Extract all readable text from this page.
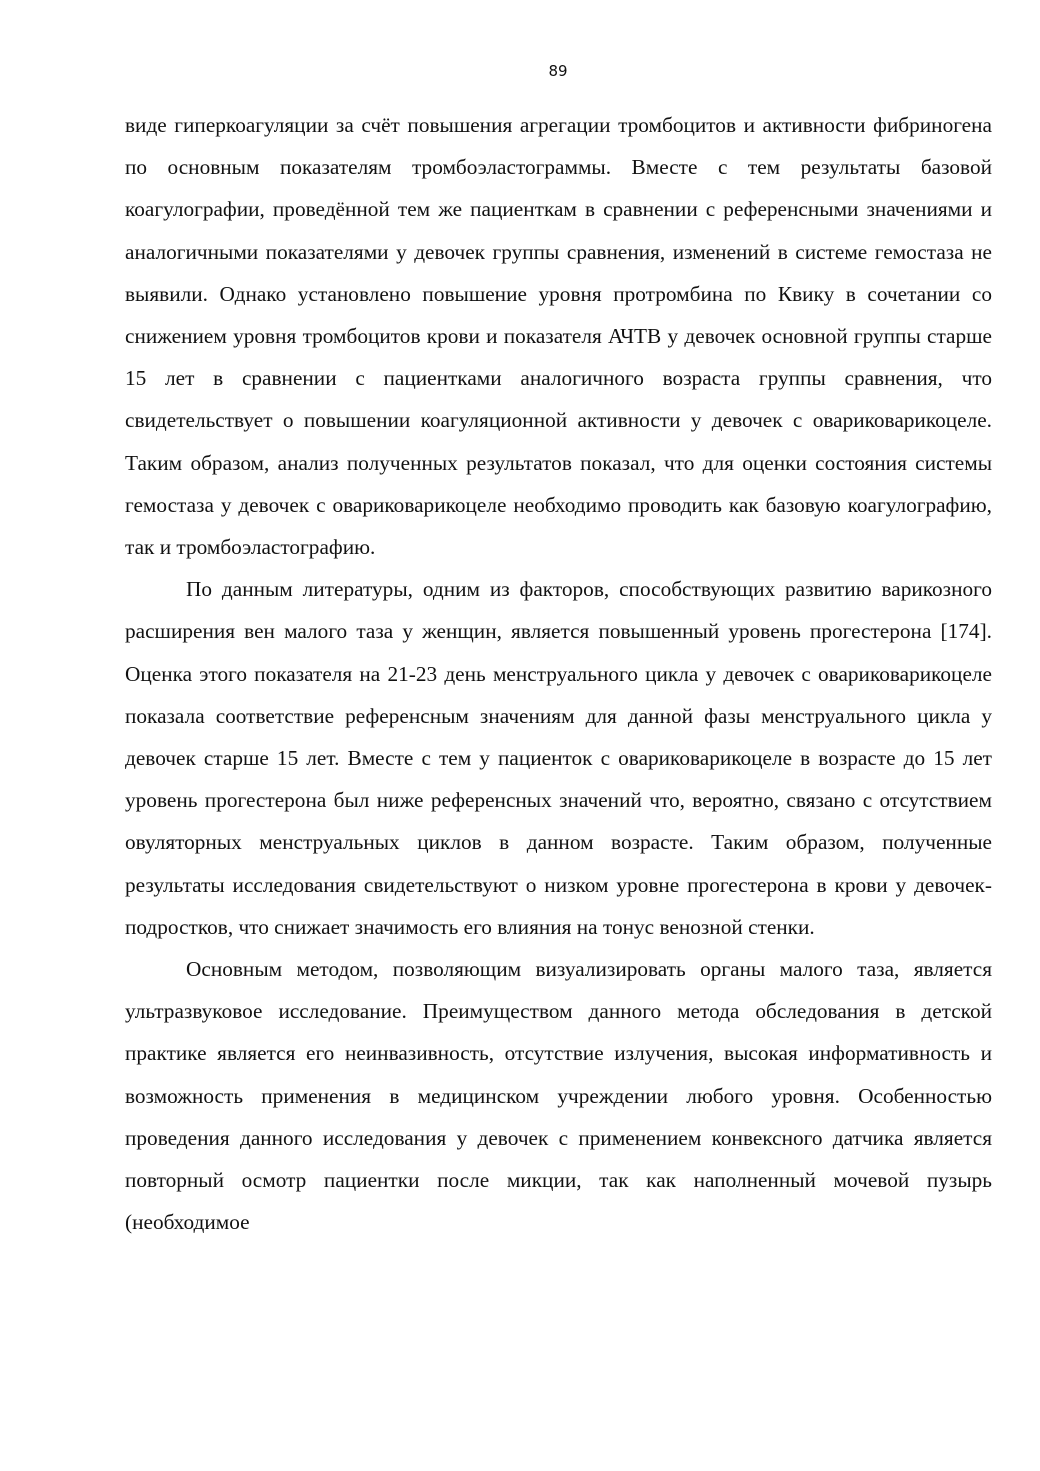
89

виде гиперкоагуляции за счёт повышения агрегации тромбоцитов и активности фибриногена по основным показателям тромбоэластограммы. Вместе с тем результаты базовой коагулографии, проведённой тем же пациенткам в сравнении с референсными значениями и аналогичными показателями у девочек группы сравнения, изменений в системе гемостаза не выявили. Однако установлено повышение уровня протромбина по Квику в сочетании со снижением уровня тромбоцитов крови и показателя АЧТВ у девочек основной группы старше 15 лет в сравнении с пациентками аналогичного возраста группы сравнения, что свидетельствует о повышении коагуляционной активности у девочек с овариковарикоцеле. Таким образом, анализ полученных результатов показал, что для оценки состояния системы гемостаза у девочек с овариковарикоцеле необходимо проводить как базовую коагулографию, так и тромбоэластографию.

По данным литературы, одним из факторов, способствующих развитию варикозного расширения вен малого таза у женщин, является повышенный уровень прогестерона [174]. Оценка этого показателя на 21-23 день менструального цикла у девочек с овариковарикоцеле показала соответствие референсным значениям для данной фазы менструального цикла у девочек старше 15 лет. Вместе с тем у пациенток с овариковарикоцеле в возрасте до 15 лет уровень прогестерона был ниже референсных значений что, вероятно, связано с отсутствием овуляторных менструальных циклов в данном возрасте. Таким образом, полученные результаты исследования свидетельствуют о низком уровне прогестерона в крови у девочек-подростков, что снижает значимость его влияния на тонус венозной стенки.

Основным методом, позволяющим визуализировать органы малого таза, является ультразвуковое исследование. Преимуществом данного метода обследования в детской практике является его неинвазивность, отсутствие излучения, высокая информативность и возможность применения в медицинском учреждении любого уровня. Особенностью проведения данного исследования у девочек с применением конвексного датчика является повторный осмотр пациентки после микции, так как наполненный мочевой пузырь (необходимое
